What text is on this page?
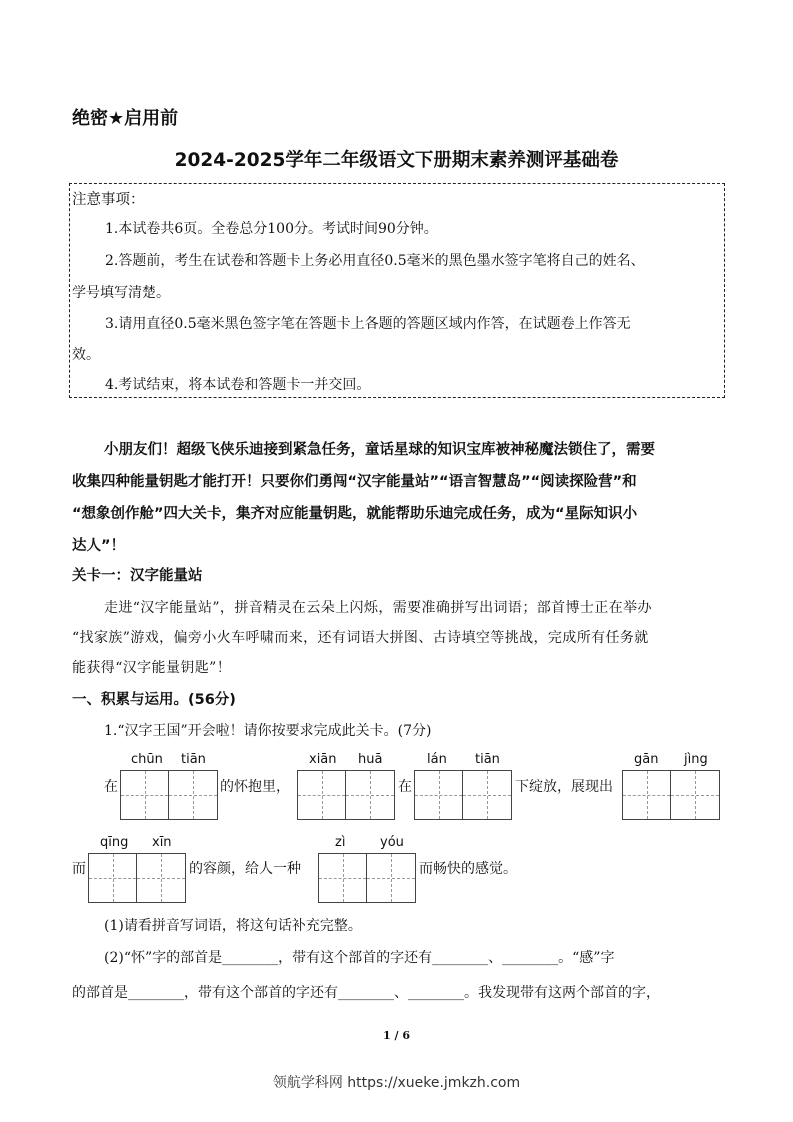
绝密★启用前
2024-2025学年二年级语文下册期末素养测评基础卷
注意事项：
1.本试卷共6页。全卷总分100分。考试时间90分钟。
2.答题前，考生在试卷和答题卡上务必用直径0.5毫米的黑色墨水签字笔将自己的姓名、
学号填写清楚。
3.请用直径0.5毫米黑色签字笔在答题卡上各题的答题区域内作答，在试题卷上作答无
效。
4.考试结束，将本试卷和答题卡一并交回。
小朋友们！超级飞侠乐迪接到紧急任务，童话星球的知识宝库被神秘魔法锁住了，需要
收集四种能量钥匙才能打开！只要你们勇闯“汉字能量站”“语言智慧岛”“阅读探险营”和
“想象创作舱”四大关卡，集齐对应能量钥匙，就能帮助乐迪完成任务，成为“星际知识小
达人”！
关卡一：汉字能量站
走进“汉字能量站”，拼音精灵在云朵上闪烁，需要准确拼写出词语；部首博士正在举办
“找家族”游戏，偏旁小火车呼啸而来，还有词语大拼图、古诗填空等挑战，完成所有任务就
能获得“汉字能量钥匙”！
一、积累与运用。(56分)
1.“汉字王国”开会啦！请你按要求完成此关卡。(7分)
chūn tiān	xiān huā	lán tiān	gān jìng
在	的怀抱里，	在	下绽放，展现出
qīng xīn	zì	yóu
而	的容颜，给人一种	而畅快的感觉。
(1)请看拼音写词语，将这句话补充完整。
(2)“怀”字的部首是________，带有这个部首的字还有________、________。“感”字
的部首是________，带有这个部首的字还有________、________。我发现带有这两个部首的字，
1 / 6
领航学科网 https://xueke.jmkzh.com
